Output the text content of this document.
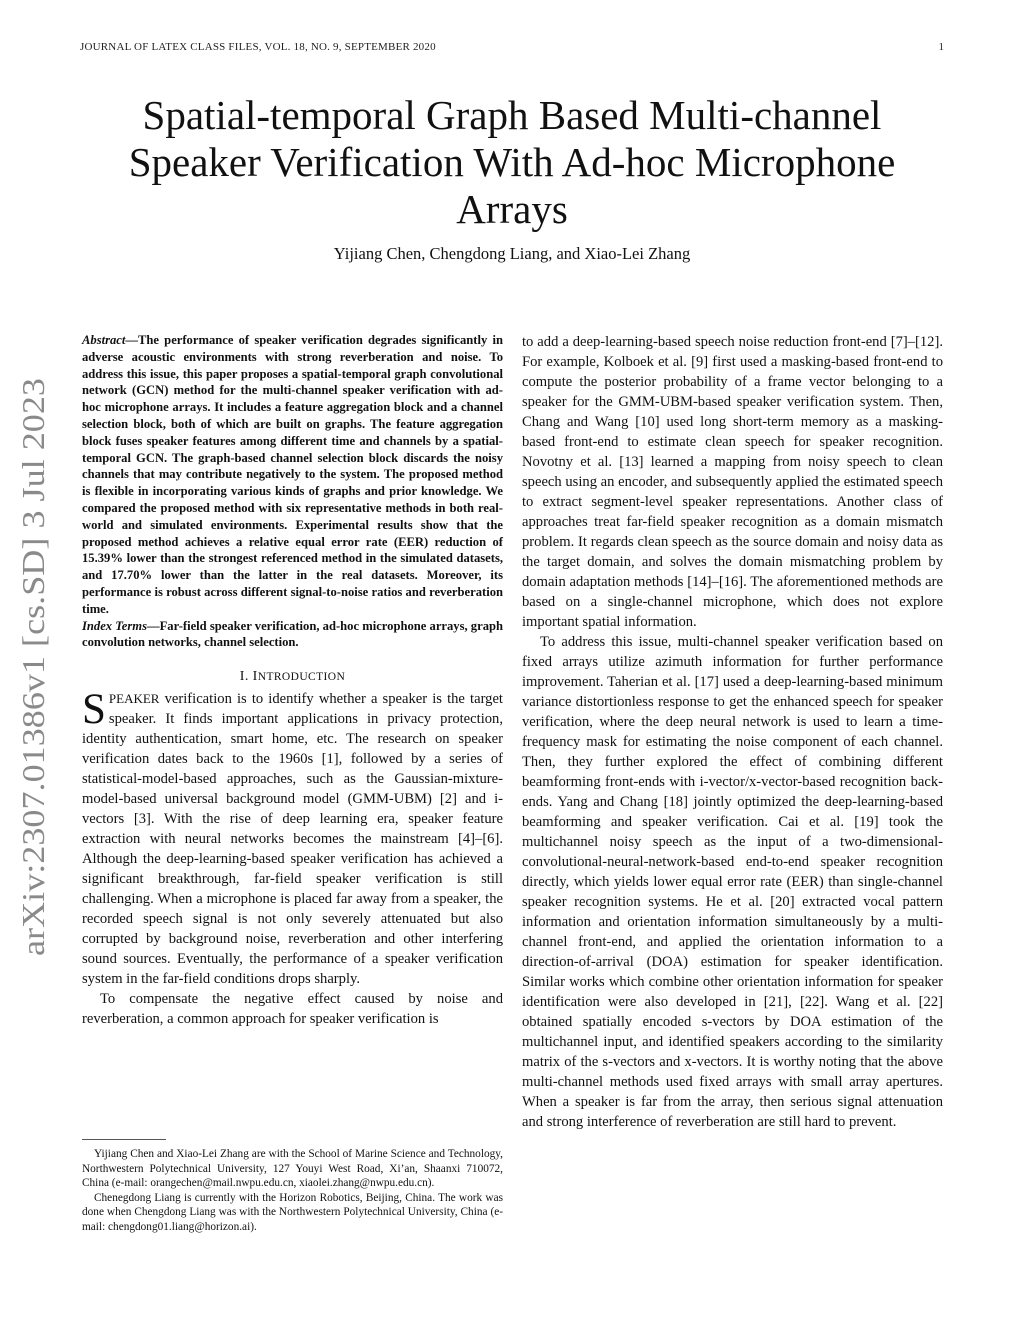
JOURNAL OF LATEX CLASS FILES, VOL. 18, NO. 9, SEPTEMBER 2020	1
arXiv:2307.01386v1 [cs.SD] 3 Jul 2023
Spatial-temporal Graph Based Multi-channel Speaker Verification With Ad-hoc Microphone Arrays
Yijiang Chen, Chengdong Liang, and Xiao-Lei Zhang

Abstract—The performance of speaker verification degrades significantly in adverse acoustic environments with strong reverberation and noise. To address this issue, this paper proposes a spatial-temporal graph convolutional network (GCN) method for the multi-channel speaker verification with ad-hoc microphone arrays. It includes a feature aggregation block and a channel selection block, both of which are built on graphs. The feature aggregation block fuses speaker features among different time and channels by a spatial-temporal GCN. The graph-based channel selection block discards the noisy channels that may contribute negatively to the system. The proposed method is flexible in incorporating various kinds of graphs and prior knowledge. We compared the proposed method with six representative methods in both real-world and simulated environments. Experimental results show that the proposed method achieves a relative equal error rate (EER) reduction of 15.39% lower than the strongest referenced method in the simulated datasets, and 17.70% lower than the latter in the real datasets. Moreover, its performance is robust across different signal-to-noise ratios and reverberation time.

Index Terms—Far-field speaker verification, ad-hoc microphone arrays, graph convolution networks, channel selection.

I. INTRODUCTION

SPEAKER verification is to identify whether a speaker is the target speaker. It finds important applications in privacy protection, identity authentication, smart home, etc. The research on speaker verification dates back to the 1960s [1], followed by a series of statistical-model-based approaches, such as the Gaussian-mixture-model-based universal background model (GMM-UBM) [2] and i-vectors [3]. With the rise of deep learning era, speaker feature extraction with neural networks becomes the mainstream [4]–[6]. Although the deep-learning-based speaker verification has achieved a significant breakthrough, far-field speaker verification is still challenging. When a microphone is placed far away from a speaker, the recorded speech signal is not only severely attenuated but also corrupted by background noise, reverberation and other interfering sound sources. Eventually, the performance of a speaker verification system in the far-field conditions drops sharply.

To compensate the negative effect caused by noise and reverberation, a common approach for speaker verification is

Yijiang Chen and Xiao-Lei Zhang are with the School of Marine Science and Technology, Northwestern Polytechnical University, 127 Youyi West Road, Xi’an, Shaanxi 710072, China (e-mail: orangechen@mail.nwpu.edu.cn, xiaolei.zhang@nwpu.edu.cn).

Chenegdong Liang is currently with the Horizon Robotics, Beijing, China. The work was done when Chengdong Liang was with the Northwestern Polytechnical University, China (e-mail: chengdong01.liang@horizon.ai).

to add a deep-learning-based speech noise reduction front-end [7]–[12]. For example, Kolboek et al. [9] first used a masking-based front-end to compute the posterior probability of a frame vector belonging to a speaker for the GMM-UBM-based speaker verification system. Then, Chang and Wang [10] used long short-term memory as a masking-based front-end to estimate clean speech for speaker recognition. Novotny et al. [13] learned a mapping from noisy speech to clean speech using an encoder, and subsequently applied the estimated speech to extract segment-level speaker representations. Another class of approaches treat far-field speaker recognition as a domain mismatch problem. It regards clean speech as the source domain and noisy data as the target domain, and solves the domain mismatching problem by domain adaptation methods [14]–[16]. The aforementioned methods are based on a single-channel microphone, which does not explore important spatial information.

To address this issue, multi-channel speaker verification based on fixed arrays utilize azimuth information for further performance improvement. Taherian et al. [17] used a deep-learning-based minimum variance distortionless response to get the enhanced speech for speaker verification, where the deep neural network is used to learn a time-frequency mask for estimating the noise component of each channel. Then, they further explored the effect of combining different beamforming front-ends with i-vector/x-vector-based recognition back-ends. Yang and Chang [18] jointly optimized the deep-learning-based beamforming and speaker verification. Cai et al. [19] took the multichannel noisy speech as the input of a two-dimensional-convolutional-neural-network-based end-to-end speaker recognition directly, which yields lower equal error rate (EER) than single-channel speaker recognition systems. He et al. [20] extracted vocal pattern information and orientation information simultaneously by a multi-channel front-end, and applied the orientation information to a direction-of-arrival (DOA) estimation for speaker identification. Similar works which combine other orientation information for speaker identification were also developed in [21], [22]. Wang et al. [22] obtained spatially encoded s-vectors by DOA estimation of the multichannel input, and identified speakers according to the similarity matrix of the s-vectors and x-vectors. It is worthy noting that the above multi-channel methods used fixed arrays with small array apertures. When a speaker is far from the array, then serious signal attenuation and strong interference of reverberation are still hard to prevent.
